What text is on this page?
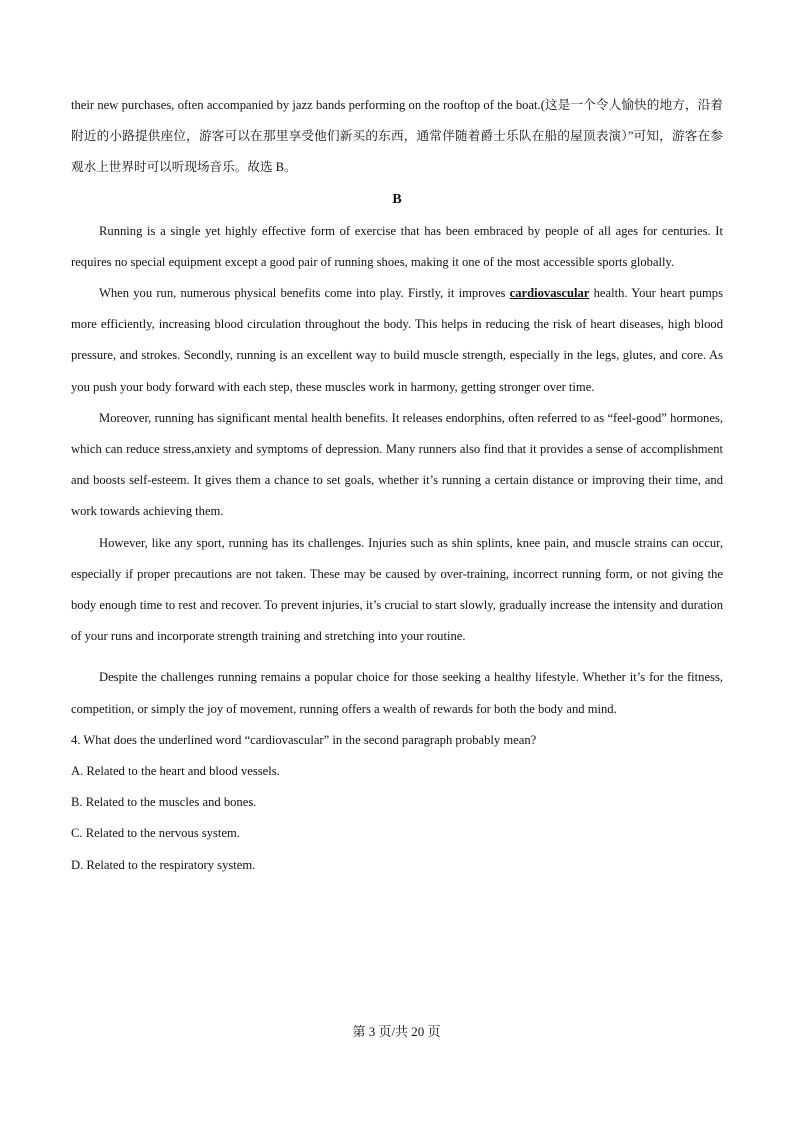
their new purchases, often accompanied by jazz bands performing on the rooftop of the boat.(这是一个令人愉快的地方，沿着附近的小路提供座位，游客可以在那里享受他们新买的东西，通常伴随着爵士乐队在船的屋顶表演）”可知，游客在参观水上世界时可以听现场音乐。故选 B。

B

Running is a single yet highly effective form of exercise that has been embraced by people of all ages for centuries. It requires no special equipment except a good pair of running shoes, making it one of the most accessible sports globally.

When you run, numerous physical benefits come into play. Firstly, it improves cardiovascular health. Your heart pumps more efficiently, increasing blood circulation throughout the body. This helps in reducing the risk of heart diseases, high blood pressure, and strokes. Secondly, running is an excellent way to build muscle strength, especially in the legs, glutes, and core. As you push your body forward with each step, these muscles work in harmony, getting stronger over time.

Moreover, running has significant mental health benefits. It releases endorphins, often referred to as “feel-good” hormones, which can reduce stress,anxiety and symptoms of depression. Many runners also find that it provides a sense of accomplishment and boosts self-esteem. It gives them a chance to set goals, whether it’s running a certain distance or improving their time, and work towards achieving them.

However, like any sport, running has its challenges. Injuries such as shin splints, knee pain, and muscle strains can occur, especially if proper precautions are not taken. These may be caused by over-training, incorrect running form, or not giving the body enough time to rest and recover. To prevent injuries, it’s crucial to start slowly, gradually increase the intensity and duration of your runs and incorporate strength training and stretching into your routine.

Despite the challenges running remains a popular choice for those seeking a healthy lifestyle. Whether it’s for the fitness, competition, or simply the joy of movement, running offers a wealth of rewards for both the body and mind.

4. What does the underlined word “cardiovascular” in the second paragraph probably mean?

A. Related to the heart and blood vessels.

B. Related to the muscles and bones.

C. Related to the nervous system.

D. Related to the respiratory system.

第 3 页/共 20 页
